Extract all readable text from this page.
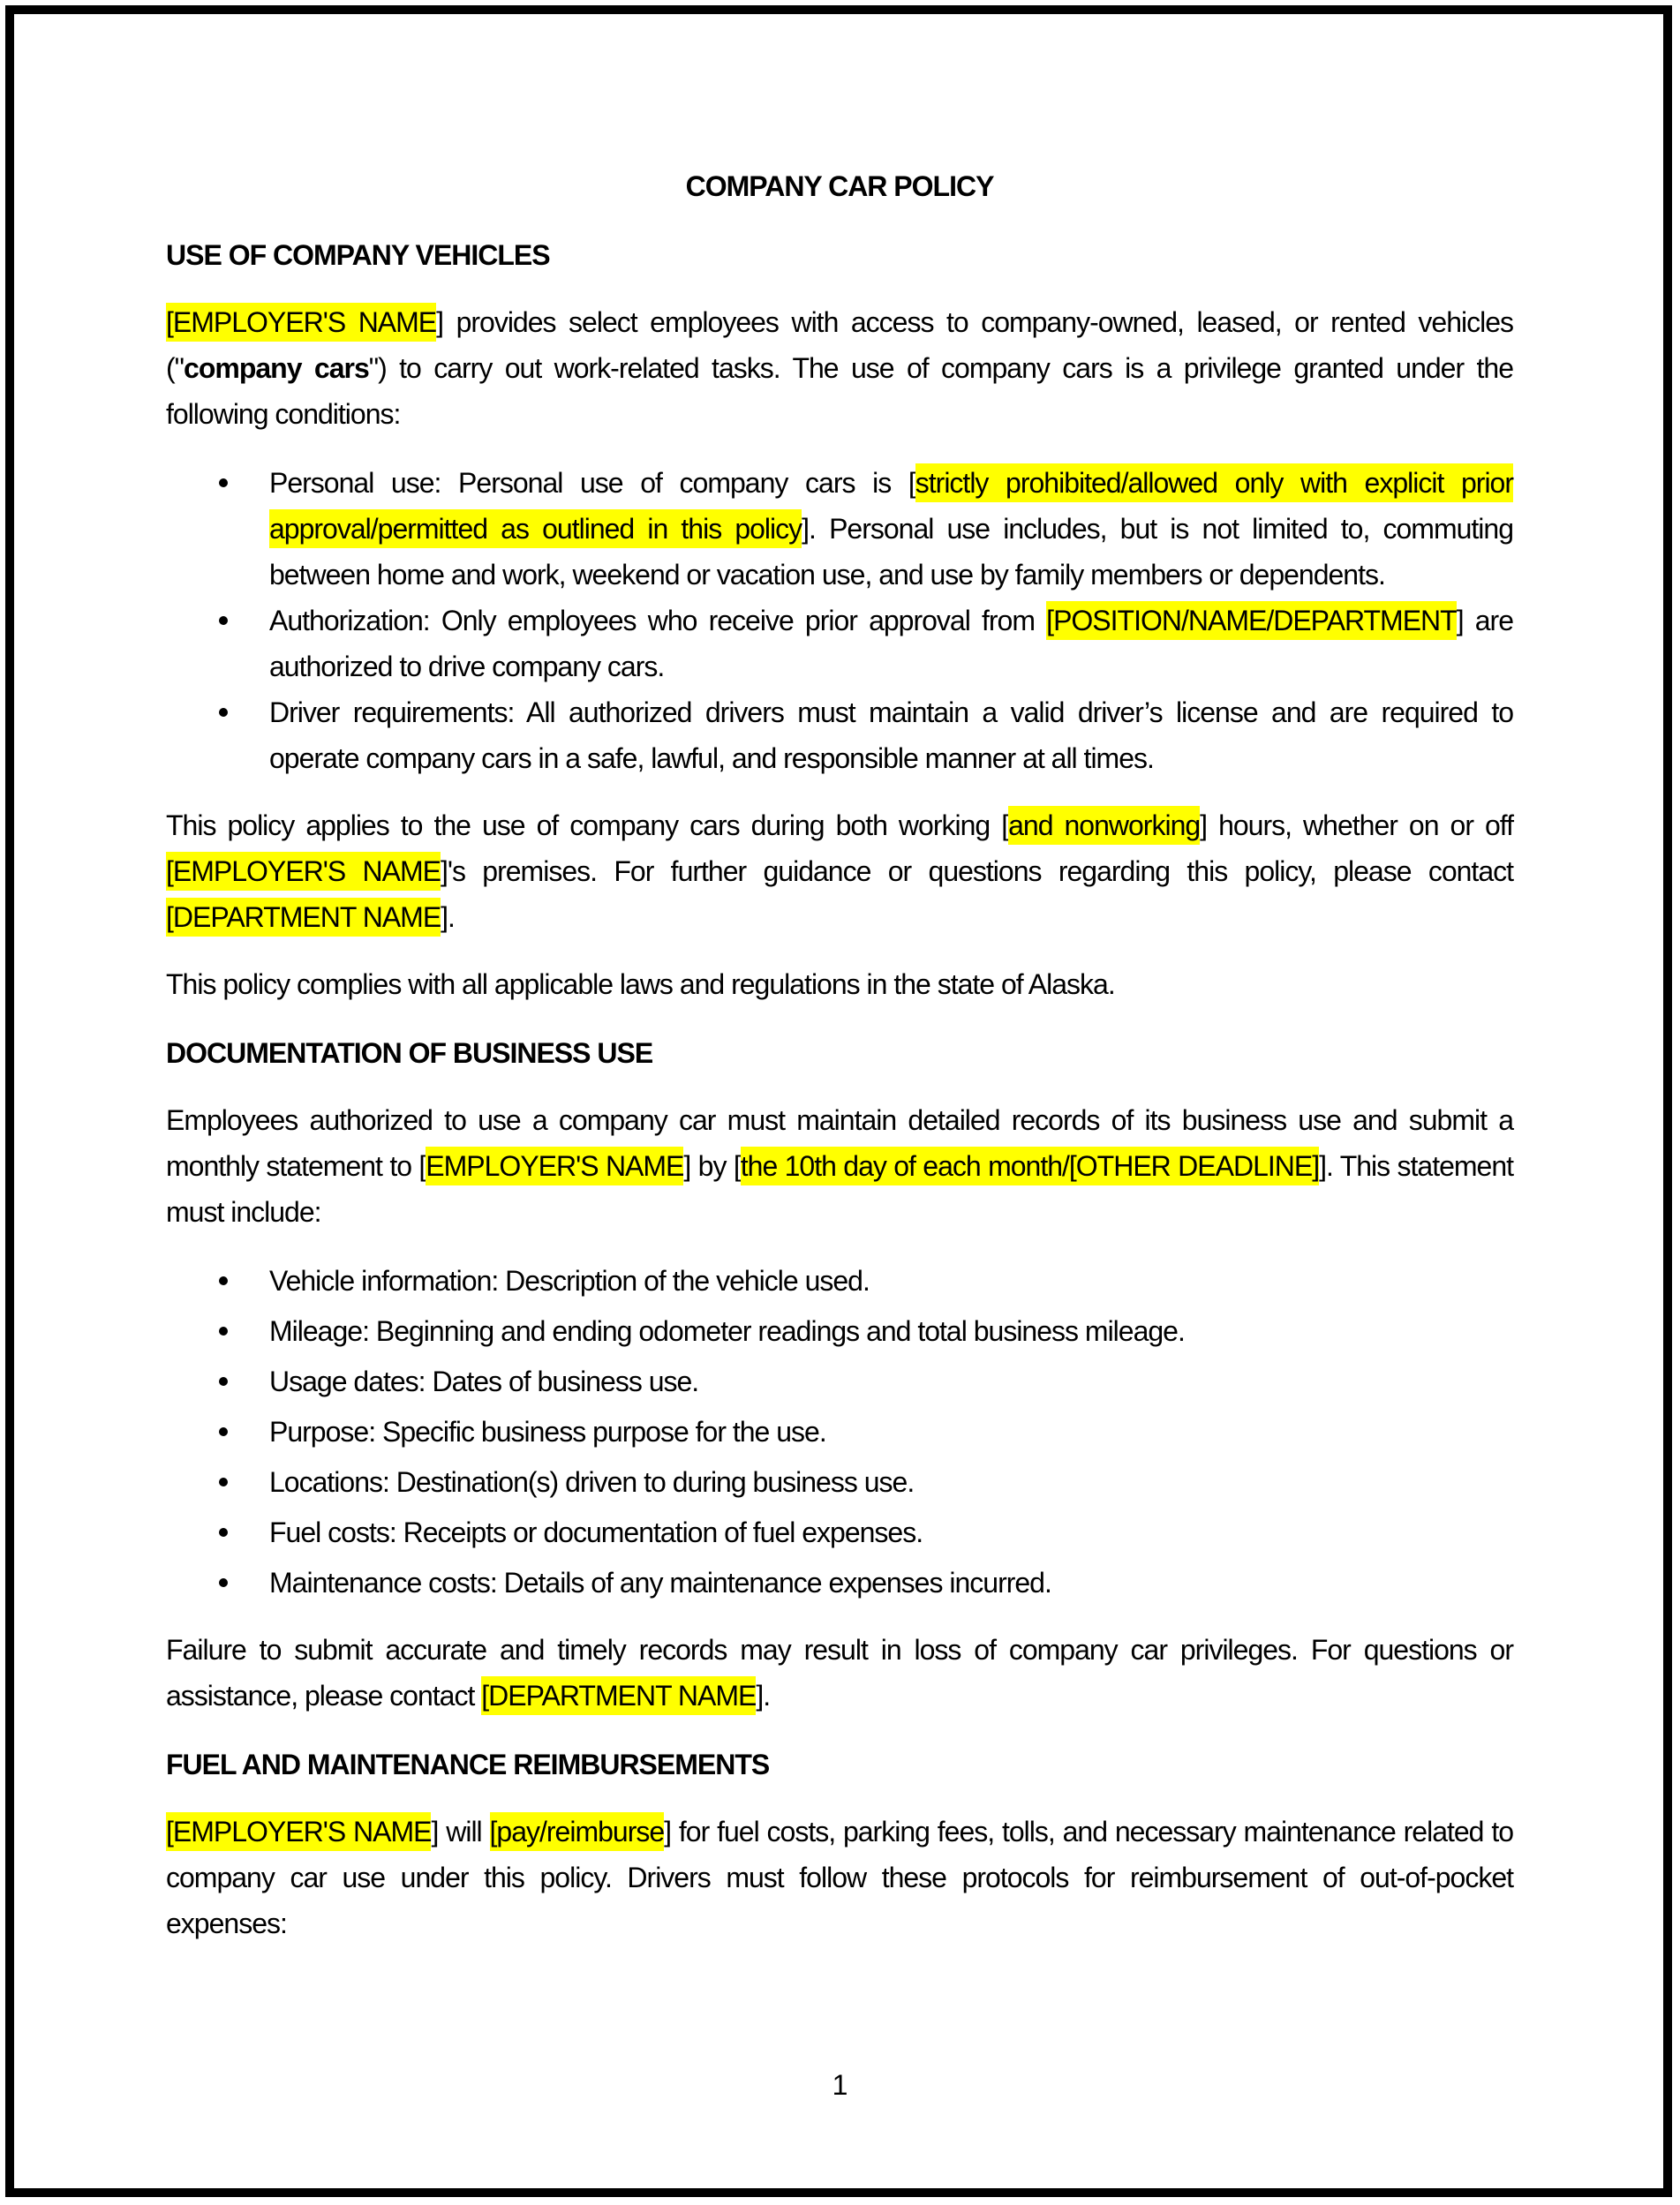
COMPANY CAR POLICY
USE OF COMPANY VEHICLES

[EMPLOYER'S NAME] provides select employees with access to company-owned, leased, or rented vehicles ("company cars") to carry out work-related tasks. The use of company cars is a privilege granted under the following conditions:

Personal use: Personal use of company cars is [strictly prohibited/allowed only with explicit prior approval/permitted as outlined in this policy]. Personal use includes, but is not limited to, commuting between home and work, weekend or vacation use, and use by family members or dependents.
Authorization: Only employees who receive prior approval from [POSITION/NAME/DEPARTMENT] are authorized to drive company cars.
Driver requirements: All authorized drivers must maintain a valid driver’s license and are required to operate company cars in a safe, lawful, and responsible manner at all times.

This policy applies to the use of company cars during both working [and nonworking] hours, whether on or off [EMPLOYER'S NAME]'s premises. For further guidance or questions regarding this policy, please contact [DEPARTMENT NAME].

This policy complies with all applicable laws and regulations in the state of Alaska.

DOCUMENTATION OF BUSINESS USE

Employees authorized to use a company car must maintain detailed records of its business use and submit a monthly statement to [EMPLOYER'S NAME] by [the 10th day of each month/[OTHER DEADLINE]]. This statement must include:

Vehicle information: Description of the vehicle used.
Mileage: Beginning and ending odometer readings and total business mileage.
Usage dates: Dates of business use.
Purpose: Specific business purpose for the use.
Locations: Destination(s) driven to during business use.
Fuel costs: Receipts or documentation of fuel expenses.
Maintenance costs: Details of any maintenance expenses incurred.

Failure to submit accurate and timely records may result in loss of company car privileges. For questions or assistance, please contact [DEPARTMENT NAME].

FUEL AND MAINTENANCE REIMBURSEMENTS

[EMPLOYER'S NAME] will [pay/reimburse] for fuel costs, parking fees, tolls, and necessary maintenance related to company car use under this policy. Drivers must follow these protocols for reimbursement of out-of-pocket expenses:

1
